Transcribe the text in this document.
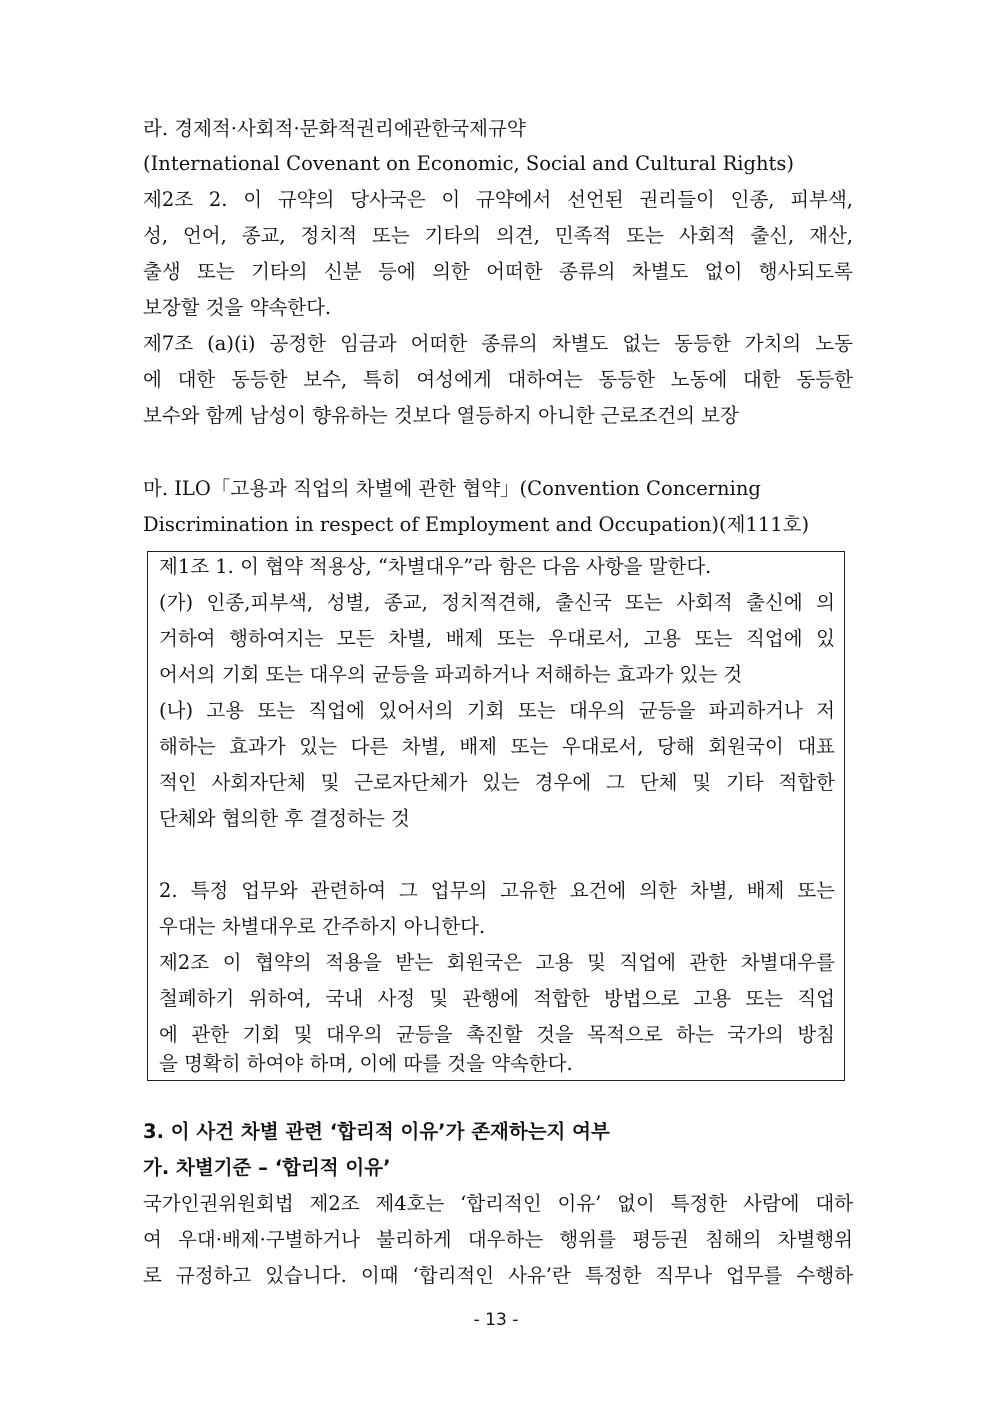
라. 경제적·사회적·문화적권리에관한국제규약
(International Covenant on Economic, Social and Cultural Rights)
제2조 2. 이 규약의 당사국은 이 규약에서 선언된 권리들이 인종, 피부색,
성, 언어, 종교, 정치적 또는 기타의 의견, 민족적 또는 사회적 출신, 재산,
출생 또는 기타의 신분 등에 의한 어떠한 종류의 차별도 없이 행사되도록
보장할 것을 약속한다.
제7조 (a)(i) 공정한 임금과 어떠한 종류의 차별도 없는 동등한 가치의 노동
에 대한 동등한 보수, 특히 여성에게 대하여는 동등한 노동에 대한 동등한
보수와 함께 남성이 향유하는 것보다 열등하지 아니한 근로조건의 보장
마. ILO「고용과 직업의 차별에 관한 협약」(Convention Concerning
Discrimination in respect of Employment and Occupation)(제111호)
제1조 1. 이 협약 적용상, “차별대우”라 함은 다음 사항을 말한다.
(가) 인종,피부색, 성별, 종교, 정치적견해, 출신국 또는 사회적 출신에 의
거하여 행하여지는 모든 차별, 배제 또는 우대로서, 고용 또는 직업에 있
어서의 기회 또는 대우의 균등을 파괴하거나 저해하는 효과가 있는 것
(나) 고용 또는 직업에 있어서의 기회 또는 대우의 균등을 파괴하거나 저
해하는 효과가 있는 다른 차별, 배제 또는 우대로서, 당해 회원국이 대표
적인 사회자단체 및 근로자단체가 있는 경우에 그 단체 및 기타 적합한
단체와 협의한 후 결정하는 것
2. 특정 업무와 관련하여 그 업무의 고유한 요건에 의한 차별, 배제 또는
우대는 차별대우로 간주하지 아니한다.
제2조 이 협약의 적용을 받는 회원국은 고용 및 직업에 관한 차별대우를
철폐하기 위하여, 국내 사정 및 관행에 적합한 방법으로 고용 또는 직업
에 관한 기회 및 대우의 균등을 촉진할 것을 목적으로 하는 국가의 방침
을 명확히 하여야 하며, 이에 따를 것을 약속한다.
3. 이 사건 차별 관련 ‘합리적 이유’가 존재하는지 여부
가. 차별기준 – ‘합리적 이유’
국가인권위원회법 제2조 제4호는 ‘합리적인 이유’ 없이 특정한 사람에 대하
여 우대·배제·구별하거나 불리하게 대우하는 행위를 평등권 침해의 차별행위
로 규정하고 있습니다. 이때 ‘합리적인 사유’란 특정한 직무나 업무를 수행하
- 13 -
